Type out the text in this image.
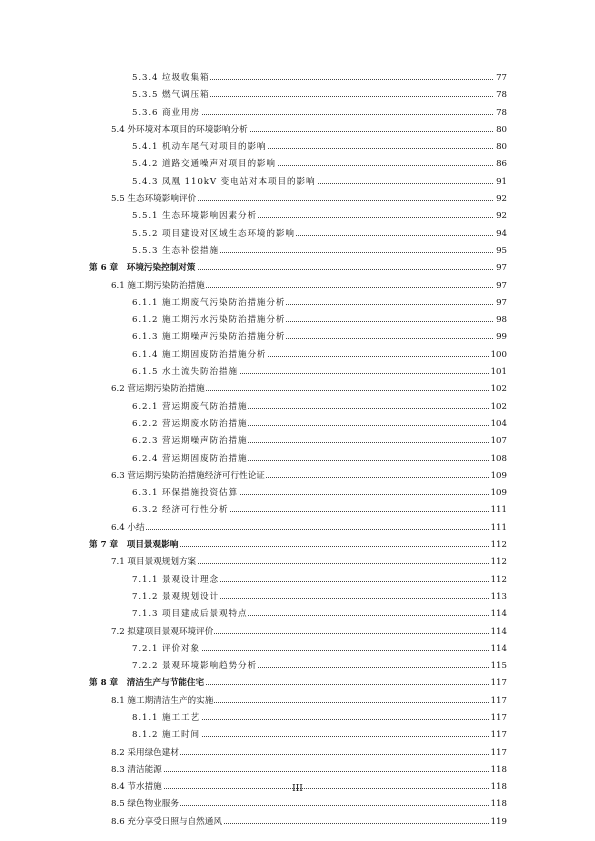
5.3.4 垃圾收集箱	77
5.3.5 燃气调压箱	78
5.3.6 商业用房	78
5.4 外环境对本项目的环境影响分析	80
5.4.1 机动车尾气对项目的影响	80
5.4.2 道路交通噪声对项目的影响	86
5.4.3 凤凰 110kV 变电站对本项目的影响	91
5.5 生态环境影响评价	92
5.5.1 生态环境影响因素分析	92
5.5.2 项目建设对区域生态环境的影响	94
5.5.3 生态补偿措施	95
第 6 章　环境污染控制对策	97
6.1 施工期污染防治措施	97
6.1.1 施工期废气污染防治措施分析	97
6.1.2 施工期污水污染防治措施分析	98
6.1.3 施工期噪声污染防治措施分析	99
6.1.4 施工期固废防治措施分析	100
6.1.5 水土流失防治措施	101
6.2 营运期污染防治措施	102
6.2.1 营运期废气防治措施	102
6.2.2 营运期废水防治措施	104
6.2.3 营运期噪声防治措施	107
6.2.4 营运期固废防治措施	108
6.3 营运期污染防治措施经济可行性论证	109
6.3.1 环保措施投资估算	109
6.3.2 经济可行性分析	111
6.4 小结	111
第 7 章　项目景观影响	112
7.1 项目景观规划方案	112
7.1.1 景观设计理念	112
7.1.2 景观规划设计	113
7.1.3 项目建成后景观特点	114
7.2 拟建项目景观环境评价	114
7.2.1 评价对象	114
7.2.2 景观环境影响趋势分析	115
第 8 章　清洁生产与节能住宅	117
8.1 施工期清洁生产的实施	117
8.1.1 施工工艺	117
8.1.2 施工时间	117
8.2 采用绿色建材	117
8.3 清洁能源	118
8.4 节水措施	118
8.5 绿色物业服务	118
8.6 充分享受日照与自然通风	119
III
